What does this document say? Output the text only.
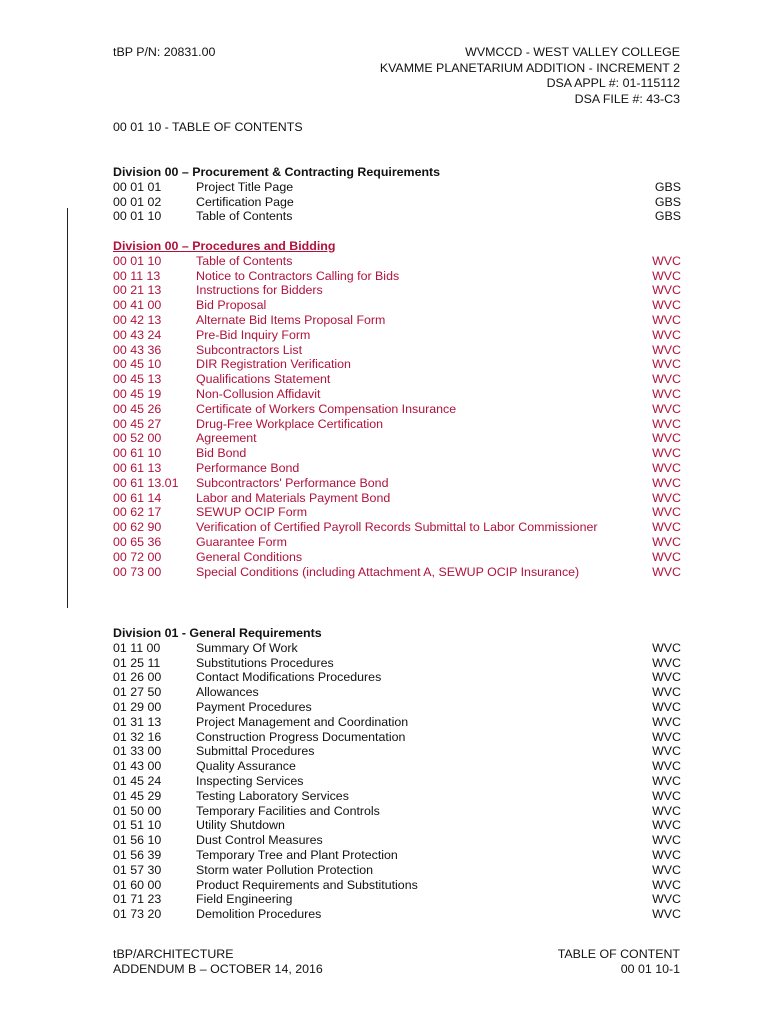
tBP P/N: 20831.00	WVMCCD - WEST VALLEY COLLEGE
KVAMME PLANETARIUM ADDITION - INCREMENT 2
DSA APPL #: 01-115112
DSA FILE #: 43-C3
00 01 10 - TABLE OF CONTENTS
Division 00 – Procurement & Contracting Requirements
00 01 01	Project Title Page	GBS
00 01 02	Certification Page	GBS
00 01 10	Table of Contents	GBS
Division 00 – Procedures and Bidding
00 01 10	Table of Contents	WVC
00 11 13	Notice to Contractors Calling for Bids	WVC
00 21 13	Instructions for Bidders	WVC
00 41 00	Bid Proposal	WVC
00 42 13	Alternate Bid Items Proposal Form	WVC
00 43 24	Pre-Bid Inquiry Form	WVC
00 43 36	Subcontractors List	WVC
00 45 10	DIR Registration Verification	WVC
00 45 13	Qualifications Statement	WVC
00 45 19	Non-Collusion Affidavit	WVC
00 45 26	Certificate of Workers Compensation Insurance	WVC
00 45 27	Drug-Free Workplace Certification	WVC
00 52 00	Agreement	WVC
00 61 10	Bid Bond	WVC
00 61 13	Performance Bond	WVC
00 61 13.01 Subcontractors' Performance Bond	WVC
00 61 14	Labor and Materials Payment Bond	WVC
00 62 17	SEWUP OCIP Form	WVC
00 62 90	Verification of Certified Payroll Records Submittal to Labor Commissioner	WVC
00 65 36	Guarantee Form	WVC
00 72 00	General Conditions	WVC
00 73 00	Special Conditions (including Attachment A, SEWUP OCIP Insurance)	WVC
Division 01 - General Requirements
01 11 00	Summary Of Work	WVC
01 25 11	Substitutions Procedures	WVC
01 26 00	Contact Modifications Procedures	WVC
01 27 50	Allowances	WVC
01 29 00	Payment Procedures	WVC
01 31 13	Project Management and Coordination	WVC
01 32 16	Construction Progress Documentation	WVC
01 33 00	Submittal Procedures	WVC
01 43 00	Quality Assurance	WVC
01 45 24	Inspecting Services	WVC
01 45 29	Testing Laboratory Services	WVC
01 50 00	Temporary Facilities and Controls	WVC
01 51 10	Utility Shutdown	WVC
01 56 10	Dust Control Measures	WVC
01 56 39	Temporary Tree and Plant Protection	WVC
01 57 30	Storm water Pollution Protection	WVC
01 60 00	Product Requirements and Substitutions	WVC
01 71 23	Field Engineering	WVC
01 73 20	Demolition Procedures	WVC
tBP/ARCHITECTURE
ADDENDUM B – OCTOBER 14, 2016
TABLE OF CONTENT
00 01 10-1
